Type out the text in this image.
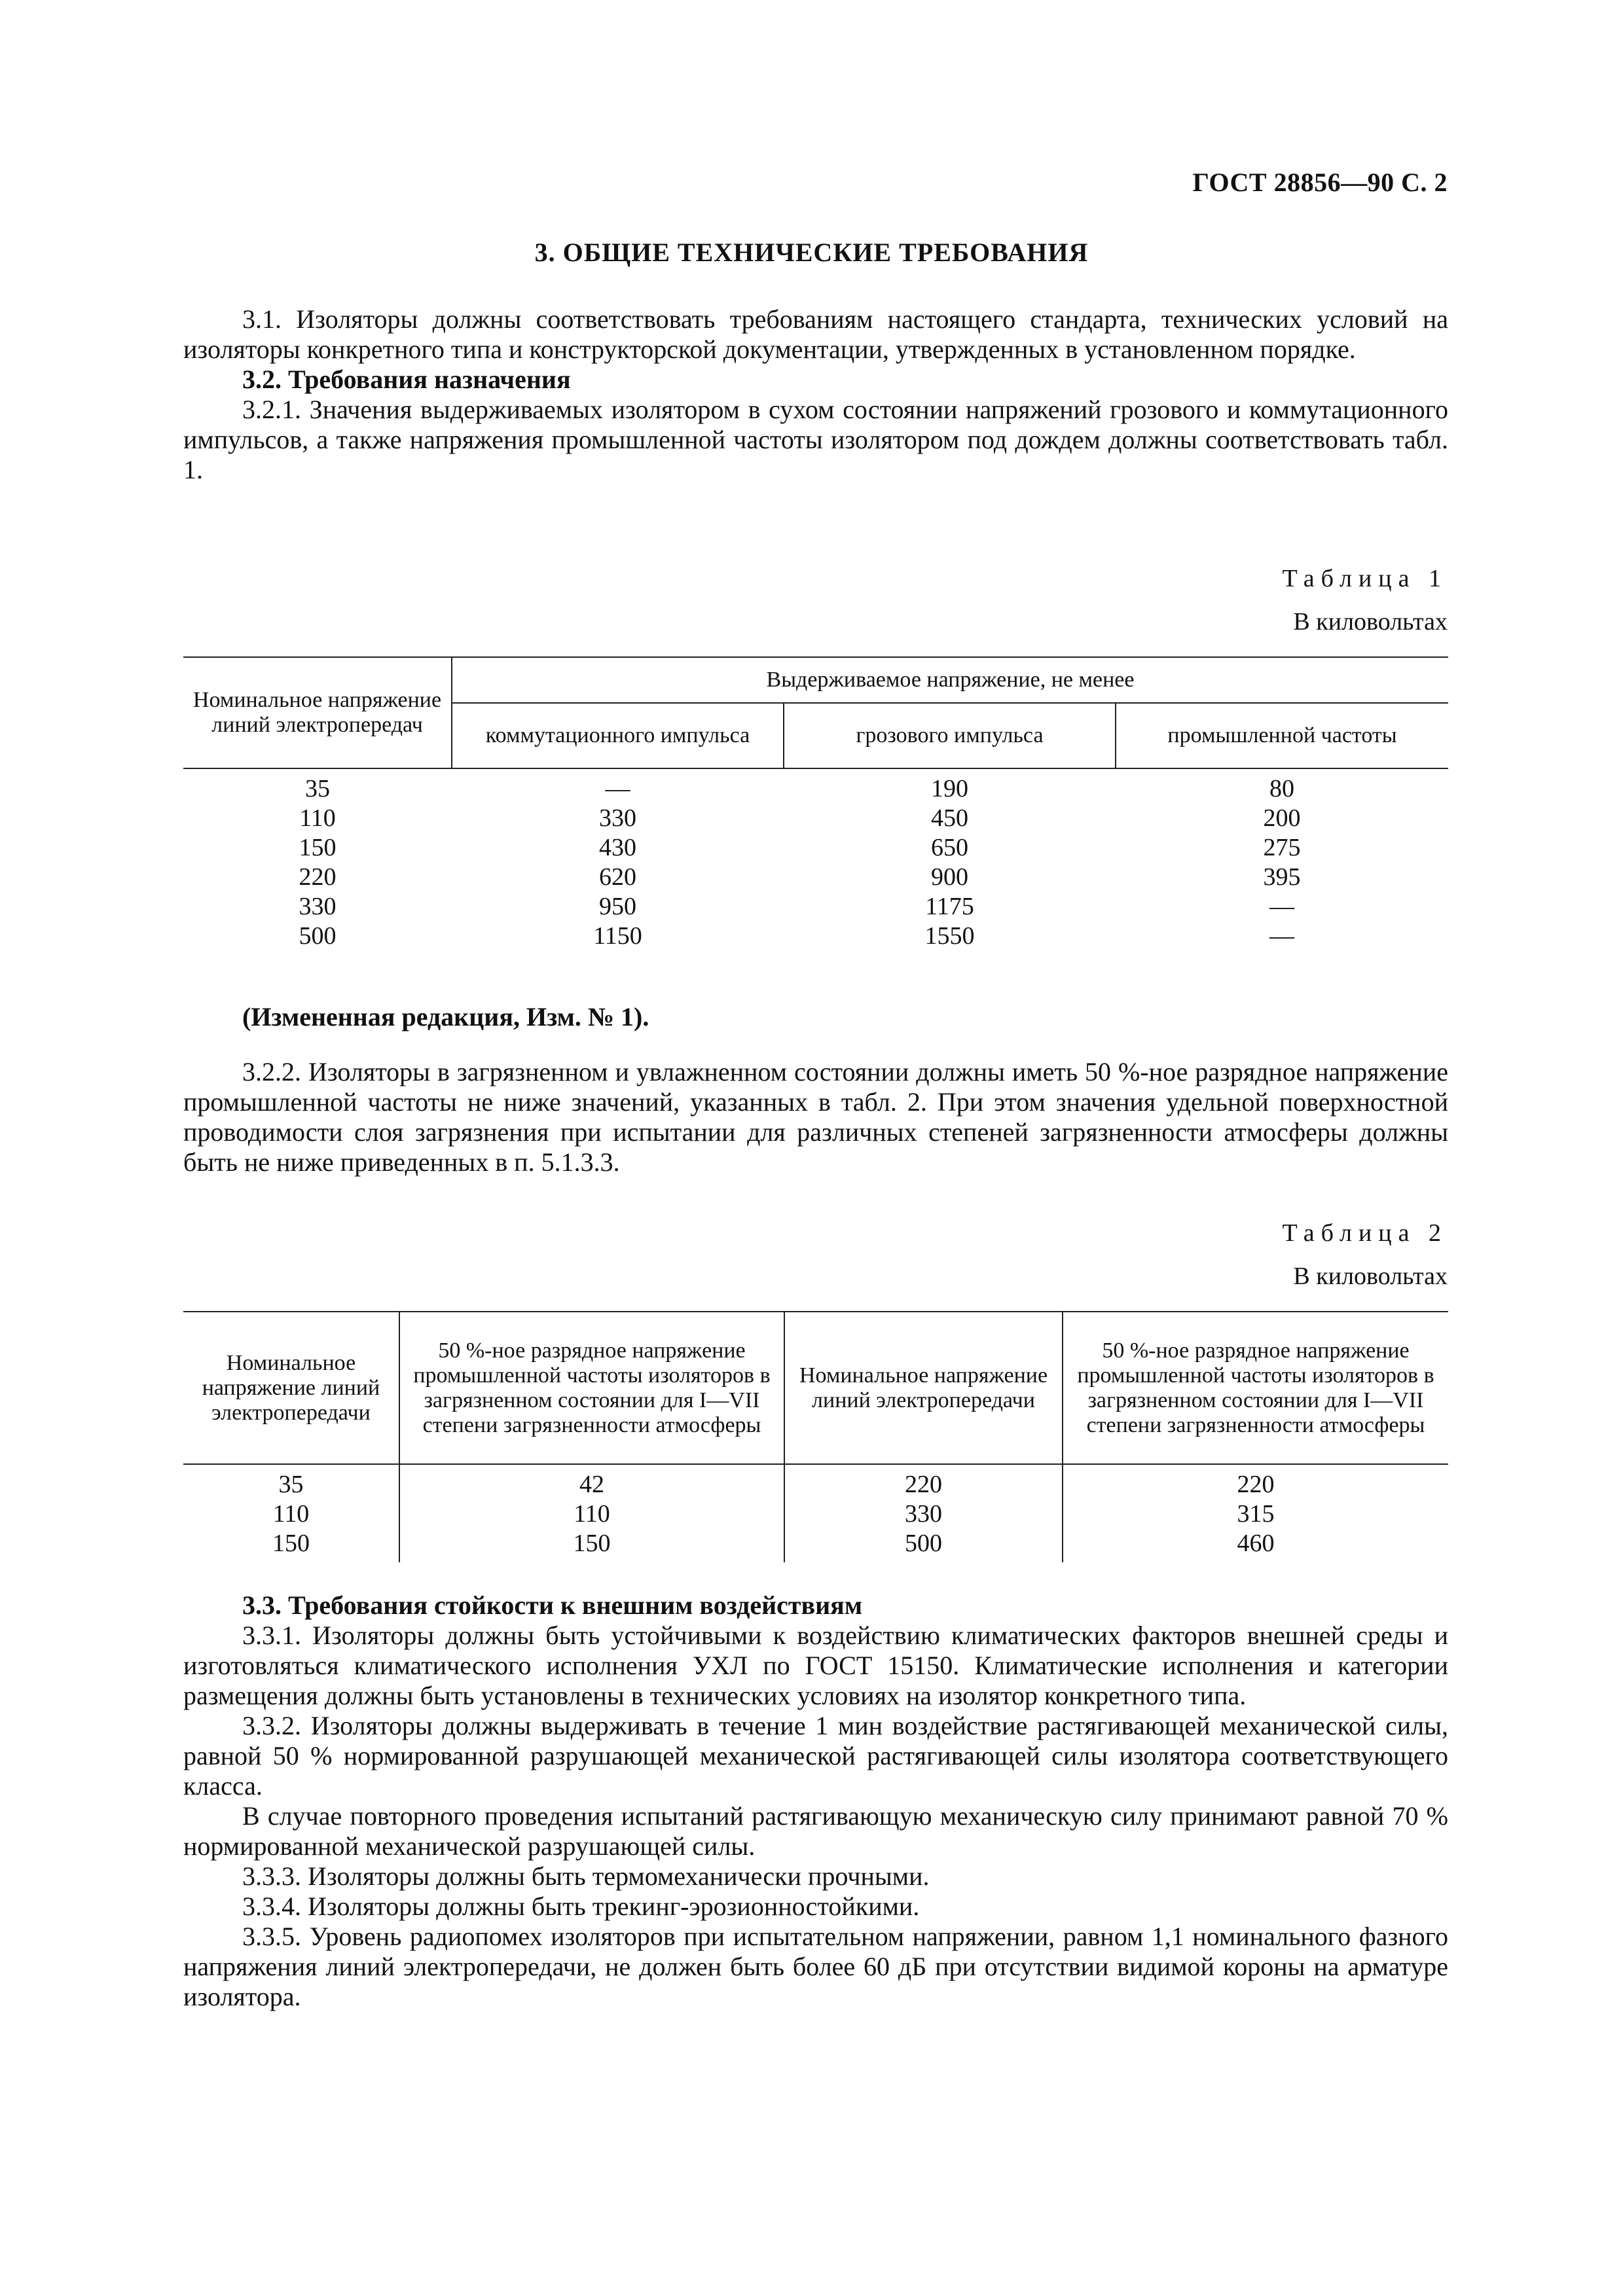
ГОСТ 28856—90 С. 2
3. ОБЩИЕ ТЕХНИЧЕСКИЕ ТРЕБОВАНИЯ

3.1. Изоляторы должны соответствовать требованиям настоящего стандарта, технических условий на изоляторы конкретного типа и конструкторской документации, утвержденных в установленном порядке.

3.2. Требования назначения

3.2.1. Значения выдерживаемых изолятором в сухом состоянии напряжений грозового и коммутационного импульсов, а также напряжения промышленной частоты изолятором под дождем должны соответствовать табл. 1.

Таблица 1
В киловольтах
Номинальное напряжение линий электропередач	Выдерживаемое напряжение, не менее		
	коммутационного импульса	грозового импульса	промышленной частоты
35	—	190	80
110	330	450	200
150	430	650	275
220	620	900	395
330	950	1175	—
500	1150	1550	—
(Измененная редакция, Изм. № 1).

3.2.2. Изоляторы в загрязненном и увлажненном состоянии должны иметь 50 %-ное разрядное напряжение промышленной частоты не ниже значений, указанных в табл. 2. При этом значения удельной поверхностной проводимости слоя загрязнения при испытании для различных степеней загрязненности атмосферы должны быть не ниже приведенных в п. 5.1.3.3.

Таблица 2
В киловольтах
Номинальное напряжение линий электропередачи	50 %-ное разрядное напряжение промышленной частоты изоляторов в загрязненном состоянии для I—VII степени загрязненности атмосферы	Номинальное напряжение линий электропередачи	50 %-ное разрядное напряжение промышленной частоты изоляторов в загрязненном состоянии для I—VII степени загрязненности атмосферы
35	42	220	220
110	110	330	315
150	150	500	460

3.3. Требования стойкости к внешним воздействиям

3.3.1. Изоляторы должны быть устойчивыми к воздействию климатических факторов внешней среды и изготовляться климатического исполнения УХЛ по ГОСТ 15150. Климатические исполнения и категории размещения должны быть установлены в технических условиях на изолятор конкретного типа.

3.3.2. Изоляторы должны выдерживать в течение 1 мин воздействие растягивающей механической силы, равной 50 % нормированной разрушающей механической растягивающей силы изолятора соответствующего класса.

В случае повторного проведения испытаний растягивающую механическую силу принимают равной 70 % нормированной механической разрушающей силы.

3.3.3. Изоляторы должны быть термомеханически прочными.

3.3.4. Изоляторы должны быть трекинг-эрозионностойкими.

3.3.5. Уровень радиопомех изоляторов при испытательном напряжении, равном 1,1 номинального фазного напряжения линий электропередачи, не должен быть более 60 дБ при отсутствии видимой короны на арматуре изолятора.
